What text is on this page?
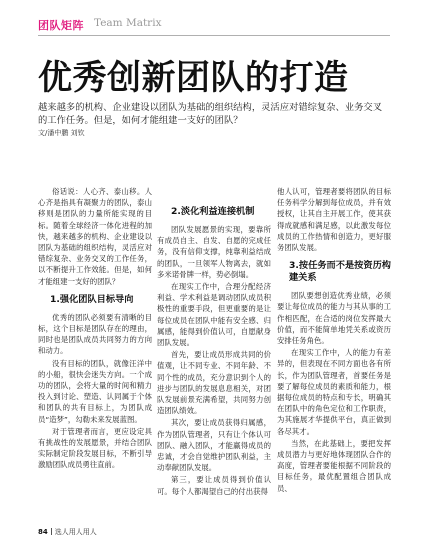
团队矩阵 Team Matrix
优秀创新团队的打造

越来越多的机构、企业建设以团队为基础的组织结构，灵活应对错综复杂、业务交叉的工作任务。但是，如何才能组建一支好的团队？

文/潘中鹏 刘钦

俗话说：人心齐、泰山移。人心齐是指具有凝聚力的团队，泰山移则是团队的力量所能实现的目标。随着全球经济一体化进程的加快，越来越多的机构、企业建设以团队为基础的组织结构，灵活应对错综复杂、业务交叉的工作任务，以不断提升工作效能。但是，如何才能组建一支好的团队？

1.强化团队目标导向

优秀的团队必须要有清晰的目标，这个目标是团队存在的理由，同时也是团队成员共同努力的方向和动力。

没有目标的团队，就像汪洋中的小船，很快会迷失方向。一个成功的团队，会将大量的时间和精力投入到讨论、塑造、认同属于个体和团队的共有目标上，为团队成员“造梦”，勾勒未来发展蓝图。

对于管理者而言，更应设定具有挑战性的发展愿景，并结合团队实际制定阶段发展目标，不断引导激励团队成员勇往直前。

2.淡化利益连接机制

团队发展愿景的实现，要靠所有成员自主、自发、自愿的完成任务，没有信仰支撑，纯靠利益结成的团队，一旦领军人物离去，就如多米诺骨牌一样，势必倒塌。

在现实工作中，合理分配经济利益、学术利益是调动团队成员积极性的重要手段，但更重要的是让每位成员在团队中能有安全感、归属感，能得到价值认可，自愿献身团队发展。

首先，要让成员形成共同的价值观，让不同专业、不同年龄、不同个性的成员，充分意识到个人的进步与团队的发展息息相关，对团队发展前景充满希望，共同努力创造团队绩效。

其次，要让成员获得归属感，作为团队管理者，只有让个体认可团队、融入团队，才能赢得成员的忠诚，才会自觉维护团队利益，主动奉献团队发展。

第三，要让成员得到价值认可。每个人都渴望自己的付出获得

他人认可，管理者要将团队的目标任务科学分解到每位成员，并有效授权，让其自主开展工作，使其获得成就感和满足感，以此激发每位成员的工作热情和创造力，更好服务团队发展。

3.按任务而不是按资历构建关系

团队要想创造优秀业绩，必须要让每位成员的能力与其从事的工作相匹配，在合适的岗位发挥最大价值，而不能简单地凭关系或资历安排任务角色。

在现实工作中，人的能力有差异的，但表现在不同方面也各有所长，作为团队管理者，首要任务是要了解每位成员的素质和能力，根据每位成员的特点和专长，明确其在团队中的角色定位和工作职责，为其施展才华提供平台，真正做到各尽其才。

当然，在此基础上，要把发挥成员潜力与更好地体现团队合作的高度，管理者要能根据不同阶段的目标任务，最优配置组合团队成员、

84 选人用人用人
